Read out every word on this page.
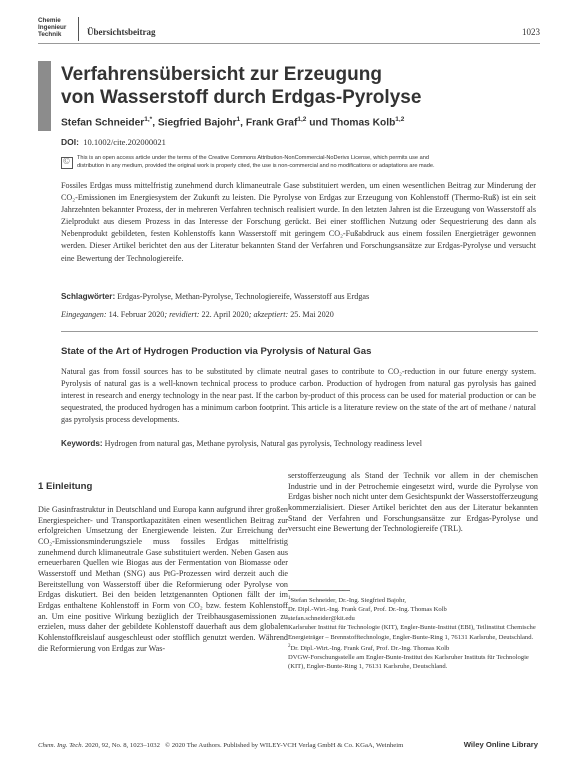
Chemie
Ingenieur
Technik	Übersichtsbeitrag	1023
Verfahrensübersicht zur Erzeugung
von Wasserstoff durch Erdgas-Pyrolyse
Stefan Schneider$^{1,*}$, Siegfried Bajohr$^1$, Frank Graf$^{1,2}$ und Thomas Kolb$^{1,2}$
DOI: 10.1002/cite.202000021
© This is an open access article under the terms of the Creative Commons Attribution-NonCommercial-NoDerivs License, which permits use and
distribution in any medium, provided the original work is properly cited, the use is non-commercial and no modifications or adaptations are made.
Fossiles Erdgas muss mittelfristig zunehmend durch klimaneutrale Gase substituiert werden, um einen wesentlichen Beitrag zur Minderung der CO₂-Emissionen im Energiesystem der Zukunft zu leisten. Die Pyrolyse von Erdgas zur Erzeugung von Kohlenstoff (Thermo-Ruß) ist ein seit Jahrzehnten bekannter Prozess, der in mehreren Verfahren technisch realisiert wurde. In den letzten Jahren ist die Erzeugung von Wasserstoff als Zielprodukt aus diesem Prozess in das Interesse der Forschung gerückt. Bei einer stofflichen Nutzung oder Sequestrierung des dann als Nebenprodukt gebildeten, festen Kohlenstoffs kann Wasserstoff mit geringem CO₂-Fußabdruck aus einem fossilen Energieträger gewonnen werden. Dieser Artikel berichtet den aus der Literatur bekannten Stand der Verfahren und Forschungsansätze zur Erdgas-Pyrolyse und versucht eine Bewertung der Technologiereife.
Schlagwörter: Erdgas-Pyrolyse, Methan-Pyrolyse, Technologiereife, Wasserstoff aus Erdgas
Eingegangen: 14. Februar 2020; revidiert: 22. April 2020; akzeptiert: 25. Mai 2020
State of the Art of Hydrogen Production via Pyrolysis of Natural Gas
Natural gas from fossil sources has to be substituted by climate neutral gases to contribute to CO₂-reduction in our future energy system. Pyrolysis of natural gas is a well-known technical process to produce carbon. Production of hydrogen from natural gas pyrolysis has gained interest in research and energy technology in the near past. If the carbon by-product of this process can be used for material production or can be sequestrated, the produced hydrogen has a minimum carbon footprint. This article is a literature review on the state of the art of methane / natural gas pyrolysis process developments.
Keywords: Hydrogen from natural gas, Methane pyrolysis, Natural gas pyrolysis, Technology readiness level
1 Einleitung
Die Gasinfrastruktur in Deutschland und Europa kann aufgrund ihrer großen Energiespeicher- und Transportkapazitäten einen wesentlichen Beitrag zur erfolgreichen Umsetzung der Energiewende leisten. Zur Erreichung der CO₂-Emissionsminderungsziele muss fossiles Erdgas mittelfristig zunehmend durch klimaneutrale Gase substituiert werden. Neben Gasen aus erneuerbaren Quellen wie Biogas aus der Fermentation von Biomasse oder Wasserstoff und Methan (SNG) aus PtG-Prozessen wird derzeit auch die Bereitstellung von Wasserstoff über die Reformierung oder Pyrolyse von Erdgas diskutiert. Bei den beiden letztgenannten Optionen fällt der im Erdgas enthaltene Kohlenstoff in Form von CO₂ bzw. festem Kohlenstoff an. Um eine positive Wirkung bezüglich der Treibhausgasemissionen zu erzielen, muss daher der gebildete Kohlenstoff dauerhaft aus dem globalen Kohlenstoffkreislauf ausgeschleust oder stofflich genutzt werden. Während die Reformierung von Erdgas zur Was-
serstofferzeugung als Stand der Technik vor allem in der chemischen Industrie und in der Petrochemie eingesetzt wird, wurde die Pyrolyse von Erdgas bisher noch nicht unter dem Gesichtspunkt der Wasserstofferzeugung kommerzialisiert. Dieser Artikel berichtet den aus der Literatur bekannten Stand der Verfahren und Forschungsansätze zur Erdgas-Pyrolyse und versucht eine Bewertung der Technologiereife (TRL).
$^1$Stefan Schneider, Dr.-Ing. Siegfried Bajohr,
Dr. Dipl.-Wirt.-Ing. Frank Graf, Prof. Dr.-Ing. Thomas Kolb
stefan.schneider@kit.edu
Karlsruher Institut für Technologie (KIT), Engler-Bunte-Institut (EBI), Teilinstitut Chemische Energieträger – Brennstofftechnologie, Engler-Bunte-Ring 1, 76131 Karlsruhe, Deutschland.
$^2$Dr. Dipl.-Wirt.-Ing. Frank Graf, Prof. Dr.-Ing. Thomas Kolb
DVGW-Forschungsstelle am Engler-Bunte-Institut des Karlsruher Instituts für Technologie (KIT), Engler-Bunte-Ring 1, 76131 Karlsruhe, Deutschland.
Chem. Ing. Tech. 2020, 92, No. 8, 1023–1032 © 2020 The Authors. Published by WILEY-VCH Verlag GmbH & Co. KGaA, Weinheim	Wiley Online Library
